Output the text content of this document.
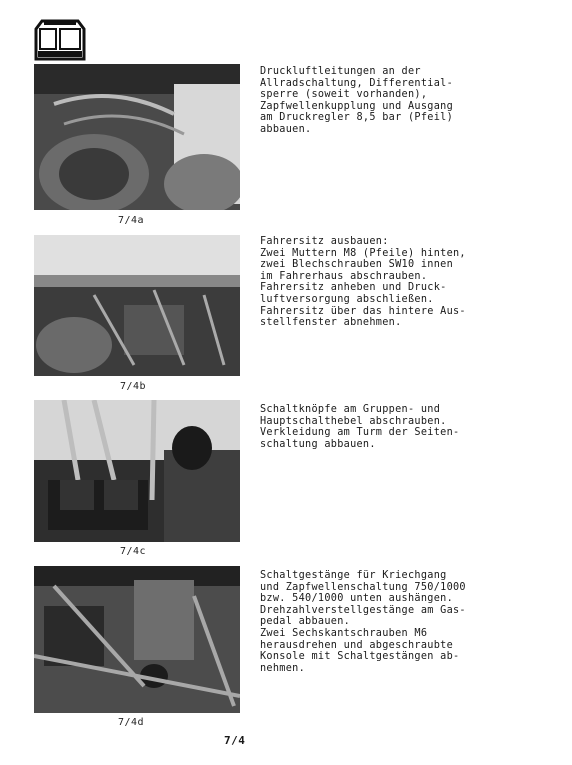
7/4a
Druckluftleitungen an der
Allradschaltung, Differential-
sperre (soweit vorhanden),
Zapfwellenkupplung und Ausgang
am Druckregler 8,5 bar (Pfeil)
abbauen.
7/4b
Fahrersitz ausbauen:
Zwei Muttern M8 (Pfeile) hinten,
zwei Blechschrauben SW10 innen
im Fahrerhaus abschrauben.
Fahrersitz anheben und Druck-
luftversorgung abschließen.
Fahrersitz über das hintere Aus-
stellfenster abnehmen.
7/4c
Schaltknöpfe am Gruppen- und
Hauptschalthebel abschrauben.
Verkleidung am Turm der Seiten-
schaltung abbauen.
7/4d
Schaltgestänge für Kriechgang
und Zapfwellenschaltung 750/1000
bzw. 540/1000 unten aushängen.
Drehzahlverstellgestänge am Gas-
pedal abbauen.
Zwei Sechskantschrauben M6
herausdrehen und abgeschraubte
Konsole mit Schaltgestängen ab-
nehmen.
7/4
